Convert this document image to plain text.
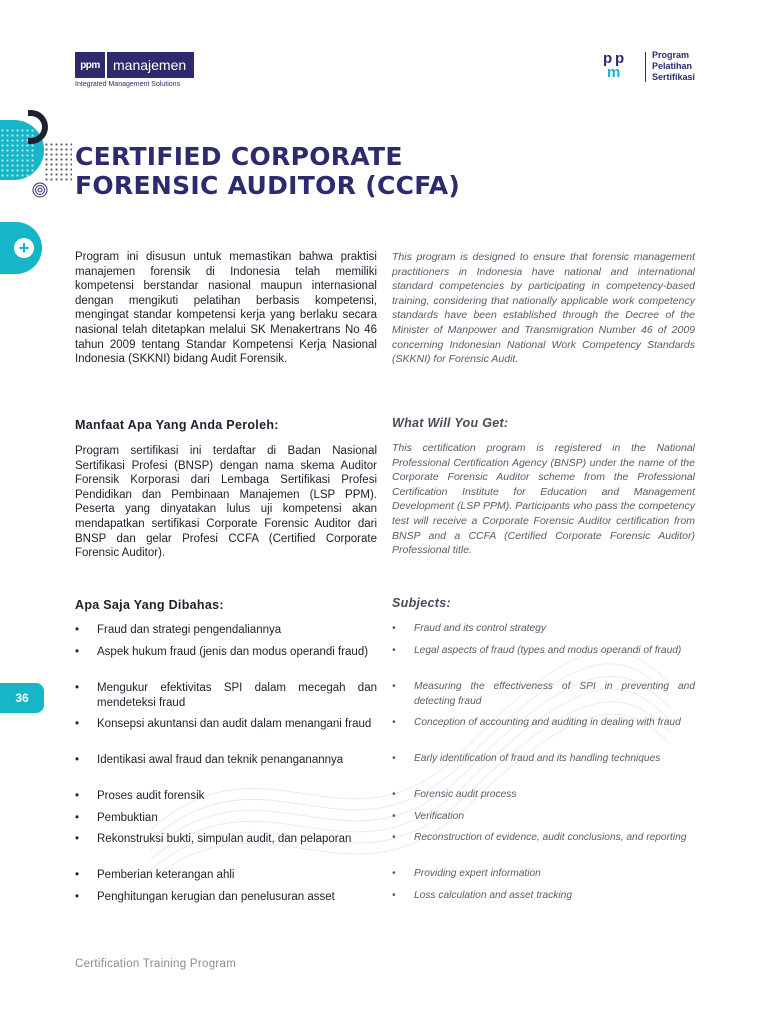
+
ppm manajemen
Integrated Management Solutions
p p
m
Program
Pelatihan
Sertifikasi
CERTIFIED CORPORATE
FORENSIC AUDITOR (CCFA)
Program ini disusun untuk memastikan bahwa praktisi manajemen forensik di Indonesia telah memiliki kompetensi berstandar nasional maupun internasional dengan mengikuti pelatihan berbasis kompetensi, mengingat standar kompetensi kerja yang berlaku secara nasional telah ditetapkan melalui SK Menakertrans No 46 tahun 2009 tentang Standar Kompetensi Kerja Nasional Indonesia (SKKNI) bidang Audit Forensik.
This program is designed to ensure that forensic management practitioners in Indonesia have national and international standard competencies by participating in competency-based training, considering that nationally applicable work competency standards have been established through the Decree of the Minister of Manpower and Transmigration Number 46 of 2009 concerning Indonesian National Work Competency Standards (SKKNI) for Forensic Audit.
Manfaat Apa Yang Anda Peroleh:	What Will You Get:
Program sertifikasi ini terdaftar di Badan Nasional Sertifikasi Profesi (BNSP) dengan nama skema Auditor Forensik Korporasi dari Lembaga Sertifikasi Profesi Pendidikan dan Pembinaan Manajemen (LSP PPM). Peserta yang dinyatakan lulus uji kompetensi akan mendapatkan sertifikasi Corporate Forensic Auditor dari BNSP dan gelar Profesi CCFA (Certified Corporate Forensic Auditor).
This certification program is registered in the National Professional Certification Agency (BNSP) under the name of the Corporate Forensic Auditor scheme from the Professional Certification Institute for Education and Management Development (LSP PPM). Participants who pass the competency test will receive a Corporate Forensic Auditor certification from BNSP and a CCFA (Certified Corporate Forensic Auditor) Professional title.
Apa Saja Yang Dibahas:	Subjects:
• Fraud dan strategi pengendaliannya
• Aspek hukum fraud (jenis dan modus operandi fraud)
• Mengukur efektivitas SPI dalam mecegah dan mendeteksi fraud
• Konsepsi akuntansi dan audit dalam menangani fraud
• Identikasi awal fraud dan teknik penanganannya
• Proses audit forensik
• Pembuktian
• Rekonstruksi bukti, simpulan audit, dan pelaporan
• Pemberian keterangan ahli
• Penghitungan kerugian dan penelusuran asset
• Fraud and its control strategy
• Legal aspects of fraud (types and modus operandi of fraud)
• Measuring the effectiveness of SPI in preventing and detecting fraud
• Conception of accounting and auditing in dealing with fraud
• Early identification of fraud and its handling techniques
• Forensic audit process
• Verification
• Reconstruction of evidence, audit conclusions, and reporting
• Providing expert information
• Loss calculation and asset tracking
36
Certification Training Program
